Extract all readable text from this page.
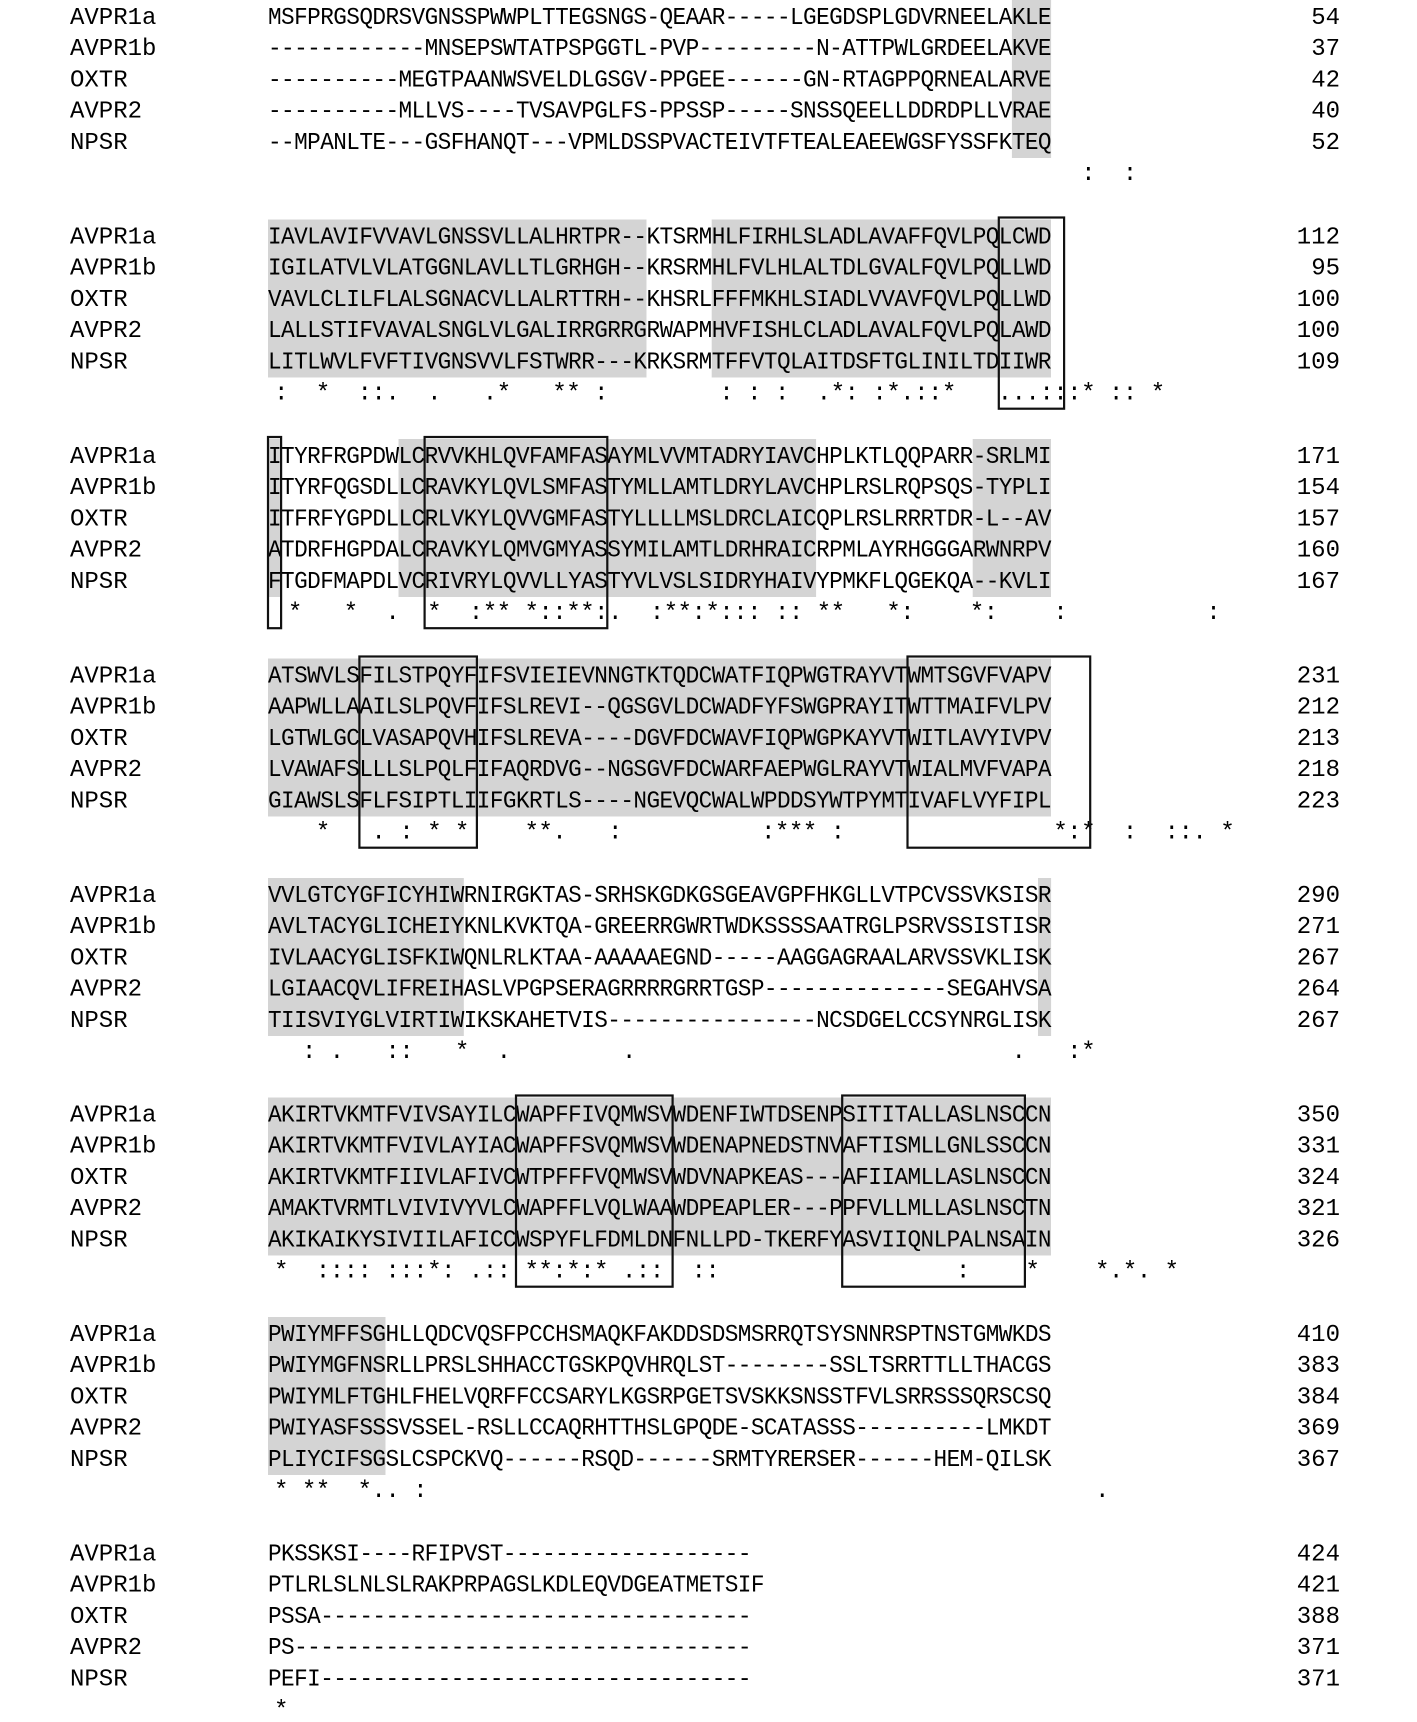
AVPR1a	MSFPRGSQDRSVGNSSPWWPLTTEGSNGS-QEAAR-----LGEGDSPLGDVRNEELAKLE	54
AVPR1b	------------MNSEPSWTATPSPGGTL-PVP---------N-ATTPWLGRDEELAKVE	37
OXTR	----------MEGTPAANWSVELDLGSGV-PPGEE------GN-RTAGPPQRNEALARVE	42
AVPR2	----------MLLVS----TVSAVPGLFS-PPSSP-----SNSSQEELLDDRDPLLVRAE	40
NPSR	--MPANLTE---GSFHANQT---VPMLDSSPVACTEIVTFTEALEAEEWGSFYSSFKTEQ	52
:  :
AVPR1a	IAVLAVIFVVAVLGNSSVLLALHRTPR--KTSRMHLFIRHLSLADLAVAFFQVLPQLCWD	112
AVPR1b	IGILATVLVLATGGNLAVLLTLGRHGH--KRSRMHLFVLHLALTDLGVALFQVLPQLLWD	95
OXTR	VAVLCLILFLALSGNACVLLALRTTRH--KHSRLFFFMKHLSIADLVVAVFQVLPQLLWD	100
AVPR2	LALLSTIFVAVALSNGLVLGALIRRGRRGRWAPMHVFISHLCLADLAVALFQVLPQLAWD	100
NPSR	LITLWVLFVFTIVGNSVVLFSTWRR---KRKSRMTFFVTQLAITDSFTGLINILTDIIWR	109
:  *  ::.  .   .*   ** :        : : :  .*: :*.::*   ...:::* :: *
AVPR1a	ITYRFRGPDWLCRVVKHLQVFAMFASAYMLVVMTADRYIAVCHPLKTLQQPARR-SRLMI	171
AVPR1b	ITYRFQGSDLLCRAVKYLQVLSMFASTYMLLAMTLDRYLAVCHPLRSLRQPSQS-TYPLI	154
OXTR	ITFRFYGPDLLCRLVKYLQVVGMFASTYLLLLMSLDRCLAICQPLRSLRRRTDR-L--AV	157
AVPR2	ATDRFHGPDALCRAVKYLQMVGMYASSYMILAMTLDRHRAICRPMLAYRHGGGARWNRPV	160
NPSR	FTGDFMAPDLVCRIVRYLQVVLLYASTYVLVSLSIDRYHAIVYPMKFLQGEKQA--KVLI	167
*   *  .  *  :** *::**:.  :**:*::: :: **   *:    *:    :          :
AVPR1a	ATSWVLSFILSTPQYFIFSVIEIEVNNGTKTQDCWATFIQPWGTRAYVTWMTSGVFVAPV	231
AVPR1b	AAPWLLAAILSLPQVFIFSLREVI--QGSGVLDCWADFYFSWGPRAYITWTTMAIFVLPV	212
OXTR	LGTWLGCLVASAPQVHIFSLREVA----DGVFDCWAVFIQPWGPKAYVTWITLAVYIVPV	213
AVPR2	LVAWAFSLLLSLPQLFIFAQRDVG--NGSGVFDCWARFAEPWGLRAYVTWIALMVFVAPA	218
NPSR	GIAWSLSFLFSIPTLIIFGKRTLS----NGEVQCWALWPDDSYWTPYMTIVAFLVYFIPL	223
*   . : * *    **.   :          :*** :               *:*  :  ::. *
AVPR1a	VVLGTCYGFICYHIWRNIRGKTAS-SRHSKGDKGSGEAVGPFHKGLLVTPCVSSVKSISR	290
AVPR1b	AVLTACYGLICHEIYKNLKVKTQA-GREERRGWRTWDKSSSSAATRGLPSRVSSISTISR	271
OXTR	IVLAACYGLISFKIWQNLRLKTAA-AAAAAEGND-----AAGGAGRAALARVSSVKLISK	267
AVPR2	LGIAACQVLIFREIHASLVPGPSERAGRRRRGRRTGSP--------------SEGAHVSA	264
NPSR	TIISVIYGLVIRTIWIKSKAHETVIS----------------NCSDGELCCSYNRGLISK	267
: .   ::   *  .        .                           .   :*
AVPR1a	AKIRTVKMTFVIVSAYILCWAPFFIVQMWSVWDENFIWTDSENPSITITALLASLNSCCN	350
AVPR1b	AKIRTVKMTFVIVLAYIACWAPFFSVQMWSVWDENAPNEDSTNVAFTISMLLGNLSSCCN	331
OXTR	AKIRTVKMTFIIVLAFIVCWTPFFFVQMWSVWDVNAPKEAS---AFIIAMLLASLNSCCN	324
AVPR2	AMAKTVRMTLVIVIVYVLCWAPFFLVQLWAAWDPEAPLER---PPFVLLMLLASLNSCTN	321
NPSR	AKIKAIKYSIVIILAFICCWSPYFLFDMLDNFNLLPD-TKERFYASVIIQNLPALNSAIN	326
*  :::: :::*: .:: **:*:* .::  ::                 :    *    *.*. *
AVPR1a	PWIYMFFSGHLLQDCVQSFPCCHSMAQKFAKDDSDSMSRRQTSYSNNRSPTNSTGMWKDS	410
AVPR1b	PWIYMGFNSRLLPRSLSHHACCTGSKPQVHRQLST--------SSLTSRRTTLLTHACGS	383
OXTR	PWIYMLFTGHLFHELVQRFFCCSARYLKGSRPGETSVSKKSNSSTFVLSRRSSSQRSCSQ	384
AVPR2	PWIYASFSSSVSSEL-RSLLCCAQRHTTHSLGPQDE-SCATASSS----------LMKDT	369
NPSR	PLIYCIFSGSLCSPCKVQ------RSQD------SRMTYRERSER------HEM-QILSK	367
* **  *.. :                                                .
AVPR1a	PKSSKSI----RFIPVST-------------------	424
AVPR1b	PTLRLSLNLSLRAKPRPAGSLKDLEQVDGEATMETSIF	421
OXTR	PSSA---------------------------------	388
AVPR2	PS-----------------------------------	371
NPSR	PEFI---------------------------------	371
*
